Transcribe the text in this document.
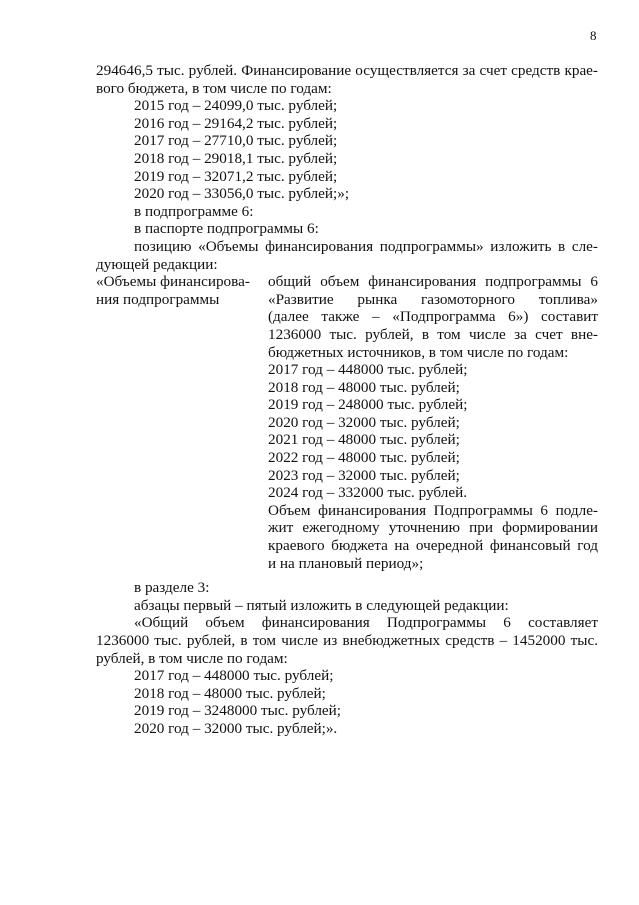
8
294646,5 тыс. рублей. Финансирование осуществляется за счет средств крае-
вого бюджета, в том числе по годам:
2015 год – 24099,0 тыс. рублей;
2016 год – 29164,2 тыс. рублей;
2017 год – 27710,0 тыс. рублей;
2018 год – 29018,1 тыс. рублей;
2019 год – 32071,2 тыс. рублей;
2020 год – 33056,0 тыс. рублей;»;
в подпрограмме 6:
в паспорте подпрограммы 6:
позицию «Объемы финансирования подпрограммы» изложить в сле-
дующей редакции:
«Объемы финансирова-
ния подпрограммы
общий объем финансирования подпрограммы 6
«Развитие рынка газомоторного топлива»
(далее также – «Подпрограмма 6») составит
1236000 тыс. рублей, в том числе за счет вне-
бюджетных источников, в том числе по годам:
2017 год – 448000 тыс. рублей;
2018 год – 48000 тыс. рублей;
2019 год – 248000 тыс. рублей;
2020 год – 32000 тыс. рублей;
2021 год – 48000 тыс. рублей;
2022 год – 48000 тыс. рублей;
2023 год – 32000 тыс. рублей;
2024 год – 332000 тыс. рублей.
Объем финансирования Подпрограммы 6 подле-
жит ежегодному уточнению при формировании
краевого бюджета на очередной финансовый год
и на плановый период»;
в разделе 3:
абзацы первый – пятый изложить в следующей редакции:
«Общий объем финансирования Подпрограммы 6 составляет
1236000 тыс. рублей, в том числе из внебюджетных средств – 1452000 тыс.
рублей, в том числе по годам:
2017 год – 448000 тыс. рублей;
2018 год – 48000 тыс. рублей;
2019 год – 3248000 тыс. рублей;
2020 год – 32000 тыс. рублей;».
